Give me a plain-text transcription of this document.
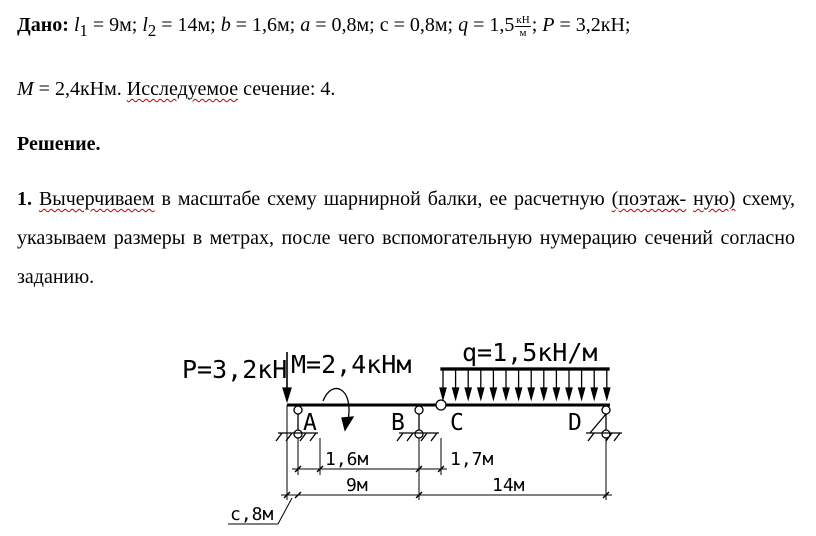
Дано: $l_1 = 9м$; $l_2 = 14м$; b = 1,6м; a = 0,8м; c = 0,8м; $q = 1,5 \frac{кН}{м}$ ; P = 3,2кН;
M = 2,4кНм. Исследуемое сечение: 4.
Решение.
1. Вычерчиваем в масштабе схему шарнирной балки, ее расчетную (поэтаж- ную) схему, указываем размеры в метрах, после чего вспомогательную нумерацию сечений согласно заданию.
P=3,2кН M=2,4кНм q=1,5кН/м
A	B C	D
1,6м	1,7м
9м	14м
c,8м
